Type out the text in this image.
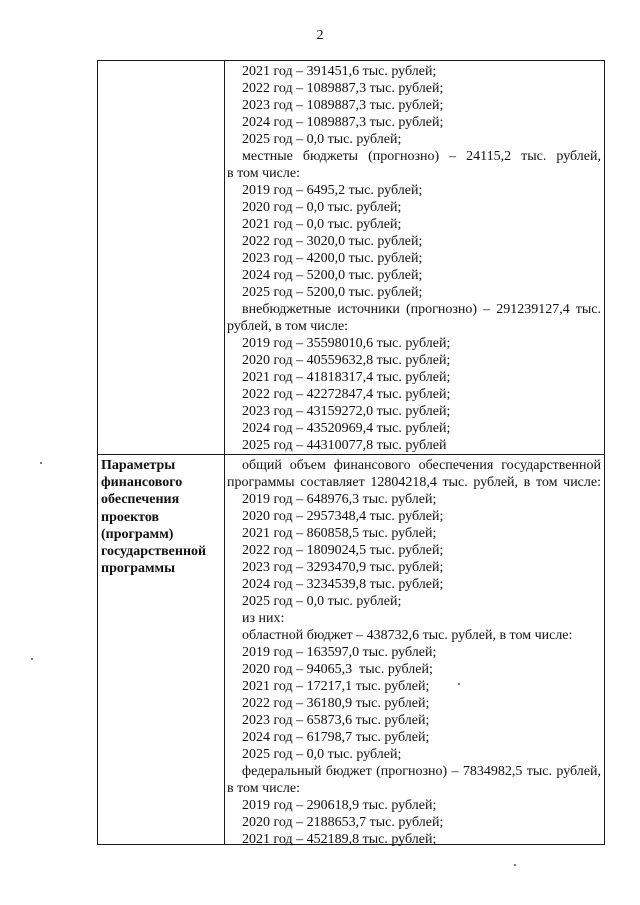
2
2021 год – 391451,6 тыс. рублей;
2022 год – 1089887,3 тыс. рублей;
2023 год – 1089887,3 тыс. рублей;
2024 год – 1089887,3 тыс. рублей;
2025 год – 0,0 тыс. рублей;
местные бюджеты (прогнозно) – 24115,2 тыс. рублей,
в том числе:
2019 год – 6495,2 тыс. рублей;
2020 год – 0,0 тыс. рублей;
2021 год – 0,0 тыс. рублей;
2022 год – 3020,0 тыс. рублей;
2023 год – 4200,0 тыс. рублей;
2024 год – 5200,0 тыс. рублей;
2025 год – 5200,0 тыс. рублей;
внебюджетные источники (прогнозно) – 291239127,4 тыс.
рублей, в том числе:
2019 год – 35598010,6 тыс. рублей;
2020 год – 40559632,8 тыс. рублей;
2021 год – 41818317,4 тыс. рублей;
2022 год – 42272847,4 тыс. рублей;
2023 год – 43159272,0 тыс. рублей;
2024 год – 43520969,4 тыс. рублей;
2025 год – 44310077,8 тыс. рублей
Параметры
финансового
обеспечения
проектов
(программ)
государственной
программы
общий объем финансового обеспечения государственной
программы составляет 12804218,4 тыс. рублей, в том числе:
2019 год – 648976,3 тыс. рублей;
2020 год – 2957348,4 тыс. рублей;
2021 год – 860858,5 тыс. рублей;
2022 год – 1809024,5 тыс. рублей;
2023 год – 3293470,9 тыс. рублей;
2024 год – 3234539,8 тыс. рублей;
2025 год – 0,0 тыс. рублей;
из них:
областной бюджет – 438732,6 тыс. рублей, в том числе:
2019 год – 163597,0 тыс. рублей;
2020 год – 94065,3  тыс. рублей;
2021 год – 17217,1 тыс. рублей;
2022 год – 36180,9 тыс. рублей;
2023 год – 65873,6 тыс. рублей;
2024 год – 61798,7 тыс. рублей;
2025 год – 0,0 тыс. рублей;
федеральный бюджет (прогнозно) – 7834982,5 тыс. рублей,
в том числе:
2019 год – 290618,9 тыс. рублей;
2020 год – 2188653,7 тыс. рублей;
2021 год – 452189,8 тыс. рублей;
